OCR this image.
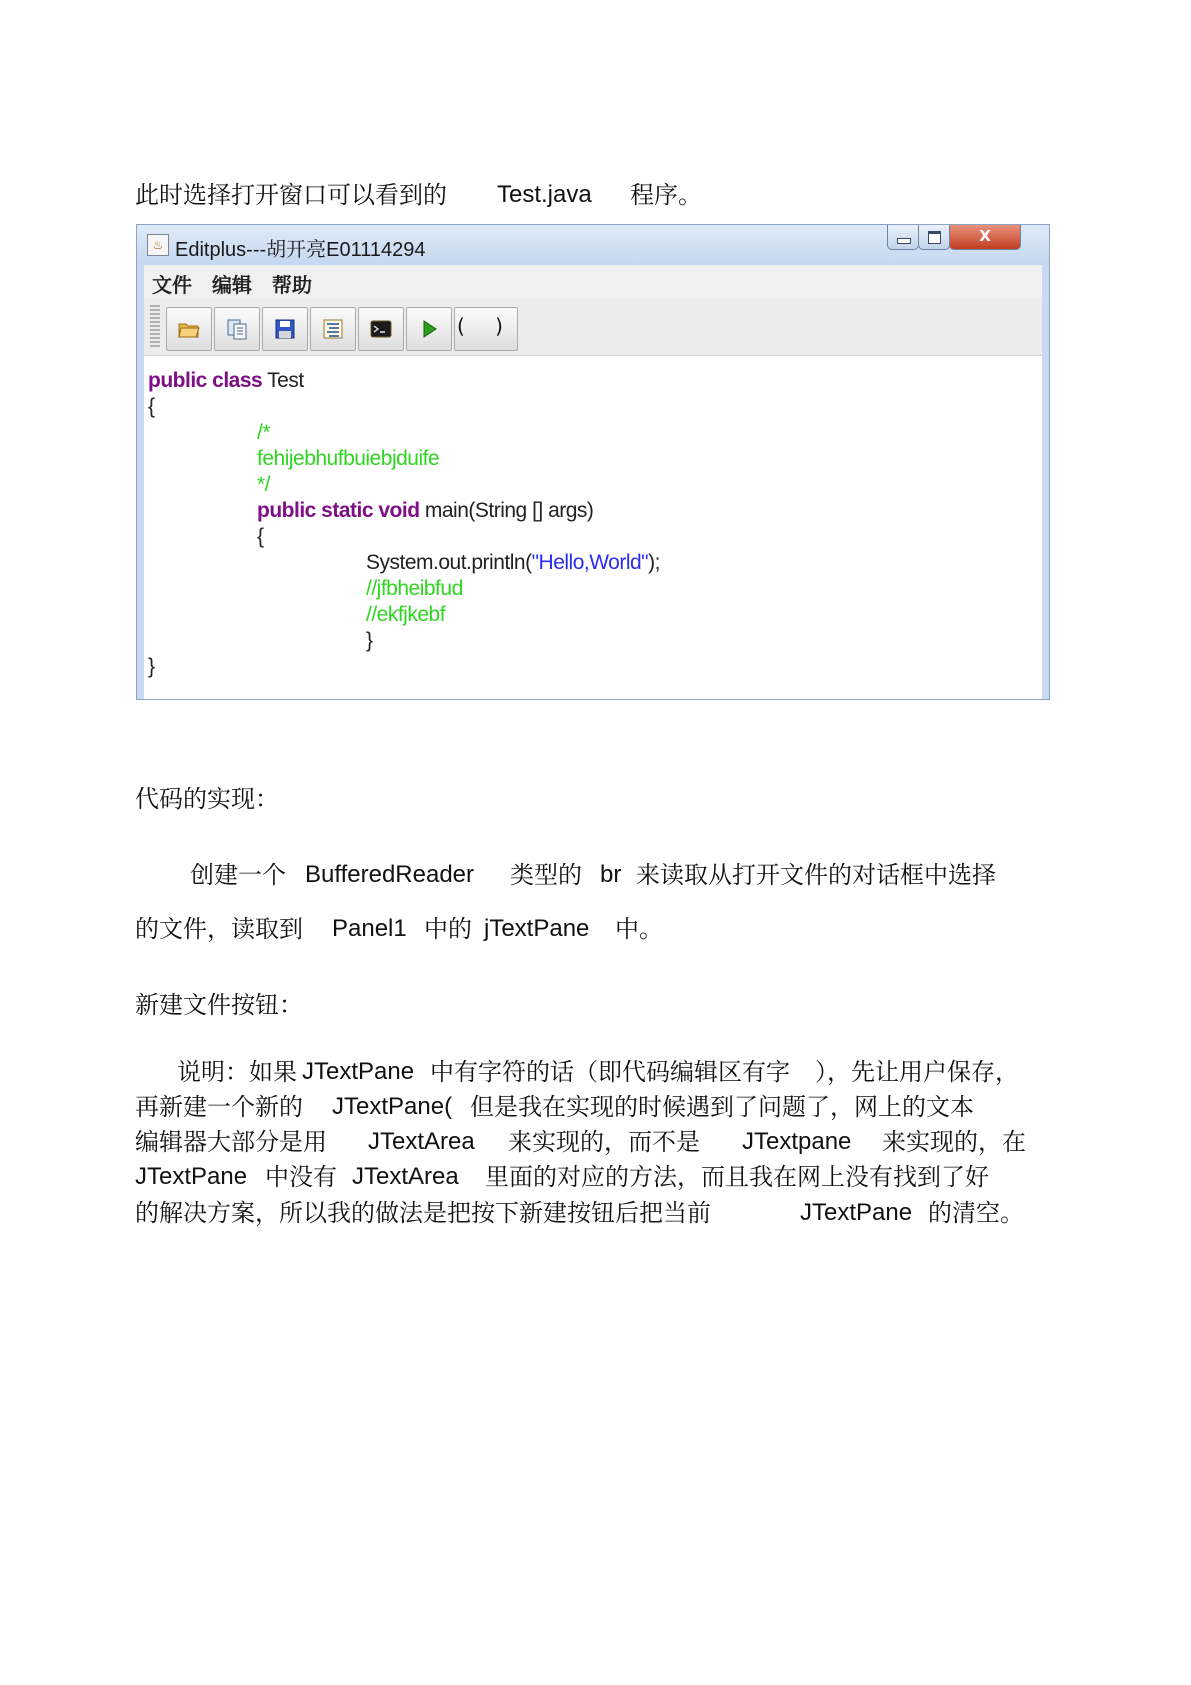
此时选择打开窗口可以看到的 Test.java 程序。
♨ Editplus---胡开亮E01114294
X
文件 编辑 帮助
( )
public class Test
{
/*
fehijebhufbuiebjduife
*/
public static void main(String [] args)
{
System.out.println("Hello,World");
//jfbheibfud
//ekfjkebf
}
}
代码的实现：
创建一个 BufferedReader 类型的 br 来读取从打开文件的对话框中选择
的文件，读取到 Panel1 中的 jTextPane 中。
新建文件按钮：
说明：如果 JTextPane 中有字符的话（即代码编辑区有字 ），先让用户保存，
再新建一个新的 JTextPane( 但是我在实现的时候遇到了问题了，网上的文本
编辑器大部分是用 JTextArea 来实现的，而不是 JTextpane 来实现的，在
JTextPane 中没有 JTextArea 里面的对应的方法，而且我在网上没有找到了好
的解决方案，所以我的做法是把按下新建按钮后把当前	JTextPane 的清空。
